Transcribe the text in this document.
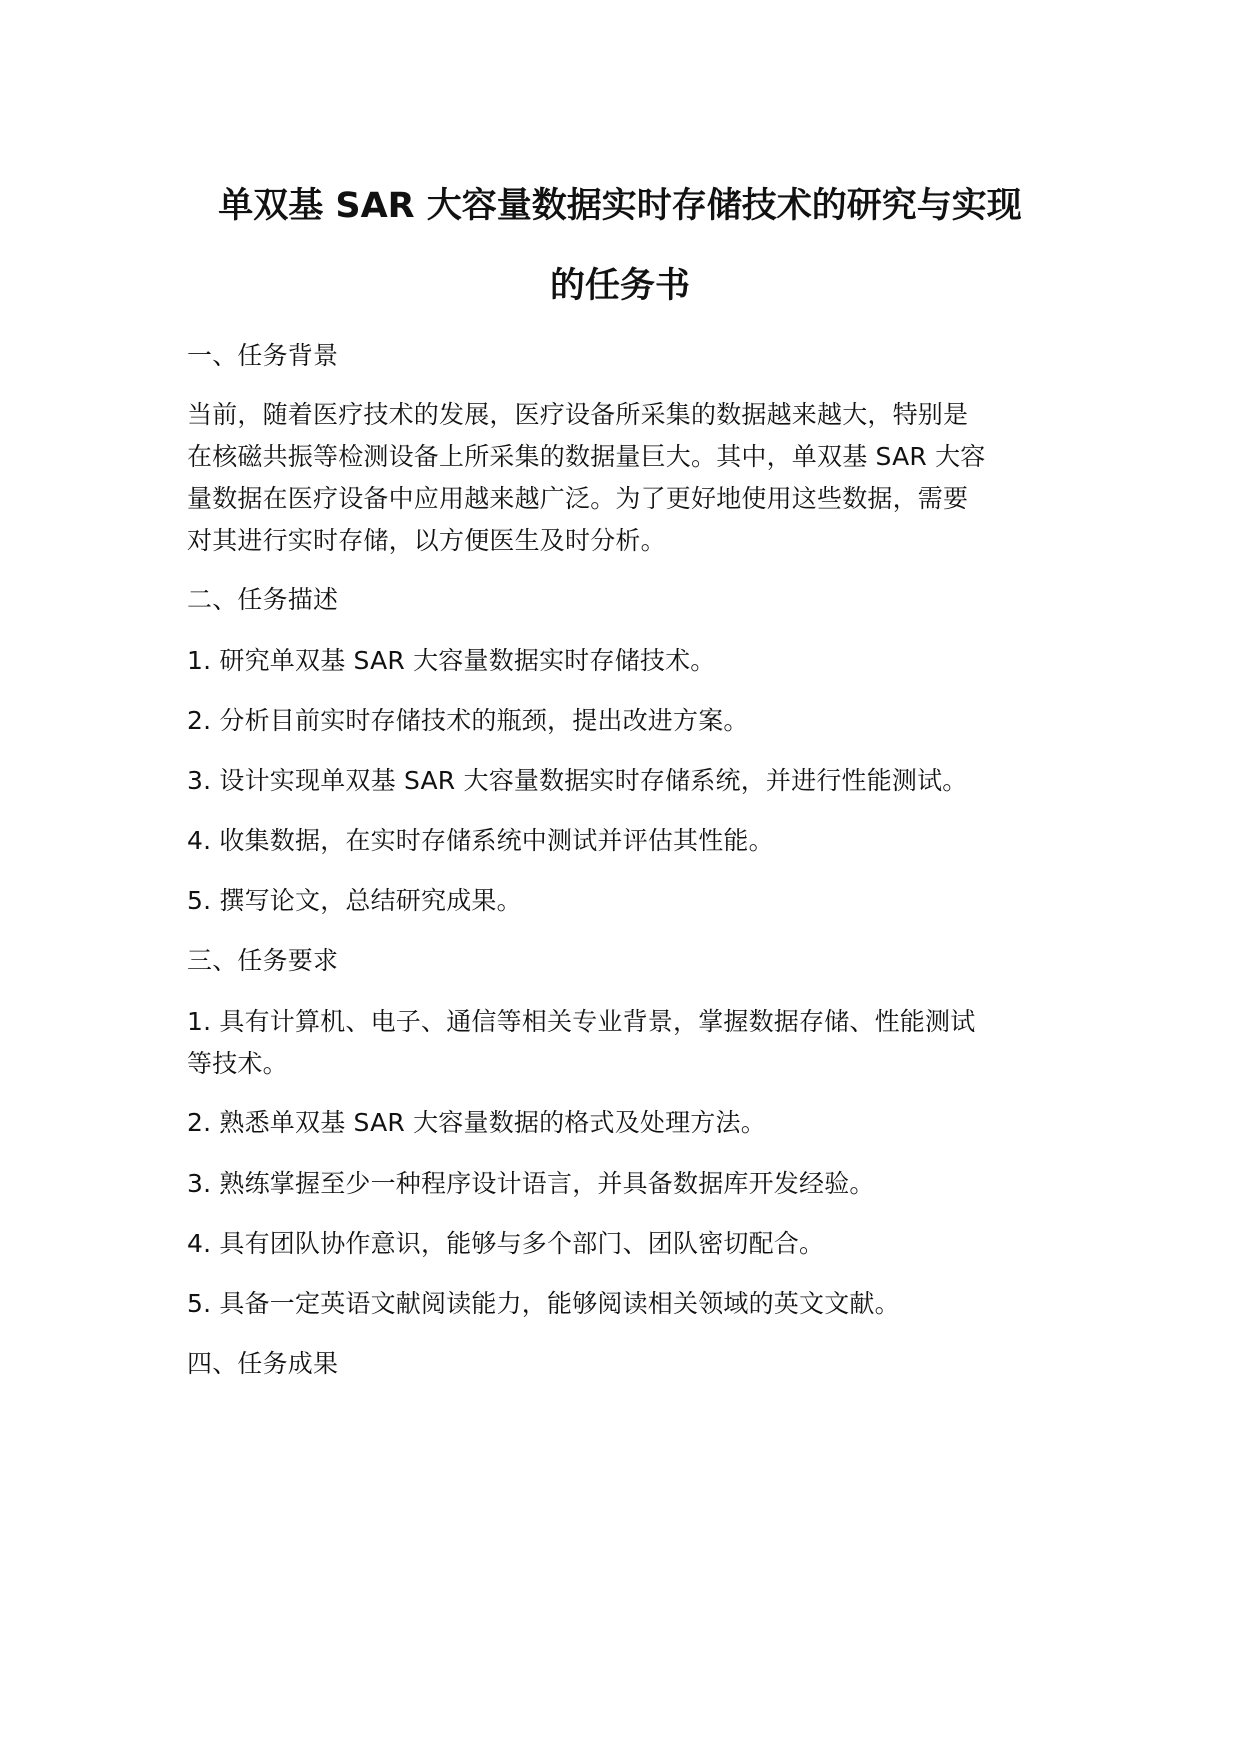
单双基 SAR 大容量数据实时存储技术的研究与实现
的任务书
一、任务背景
当前，随着医疗技术的发展，医疗设备所采集的数据越来越大，特别是
在核磁共振等检测设备上所采集的数据量巨大。其中，单双基 SAR 大容
量数据在医疗设备中应用越来越广泛。为了更好地使用这些数据，需要
对其进行实时存储，以方便医生及时分析。
二、任务描述
1. 研究单双基 SAR 大容量数据实时存储技术。
2. 分析目前实时存储技术的瓶颈，提出改进方案。
3. 设计实现单双基 SAR 大容量数据实时存储系统，并进行性能测试。
4. 收集数据，在实时存储系统中测试并评估其性能。
5. 撰写论文，总结研究成果。
三、任务要求
1. 具有计算机、电子、通信等相关专业背景，掌握数据存储、性能测试
等技术。
2. 熟悉单双基 SAR 大容量数据的格式及处理方法。
3. 熟练掌握至少一种程序设计语言，并具备数据库开发经验。
4. 具有团队协作意识，能够与多个部门、团队密切配合。
5. 具备一定英语文献阅读能力，能够阅读相关领域的英文文献。
四、任务成果
